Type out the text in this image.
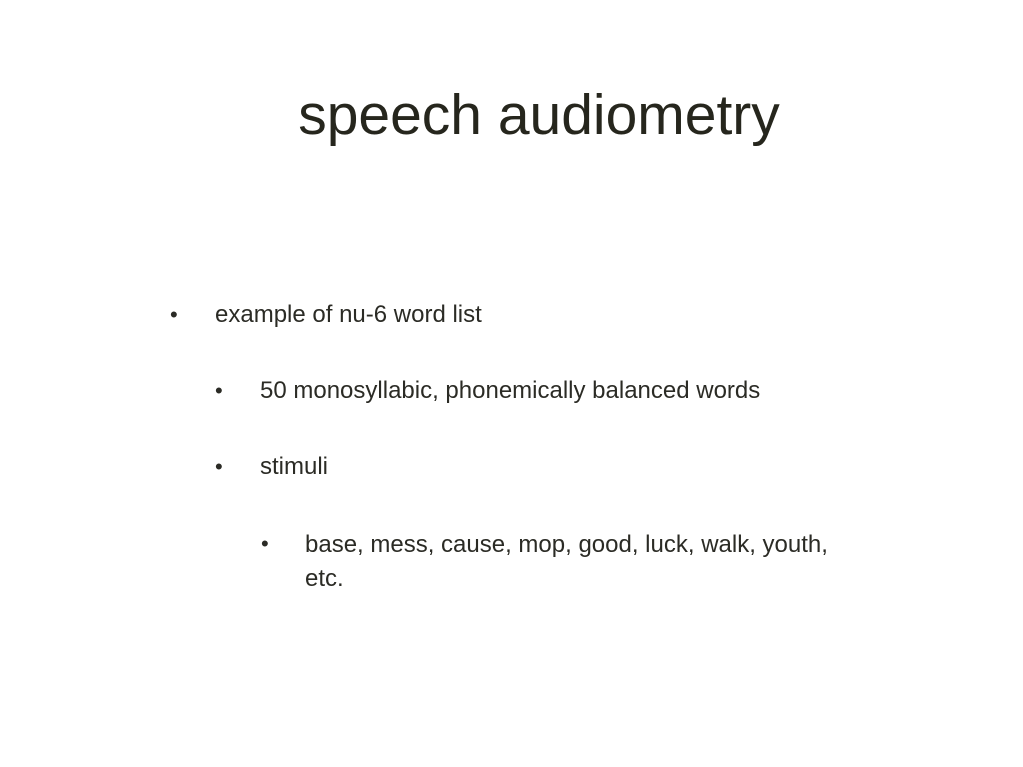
speech audiometry
• example of nu-6 word list
• 50 monosyllabic, phonemically balanced words
• stimuli
• base, mess, cause, mop, good, luck, walk, youth, etc.
